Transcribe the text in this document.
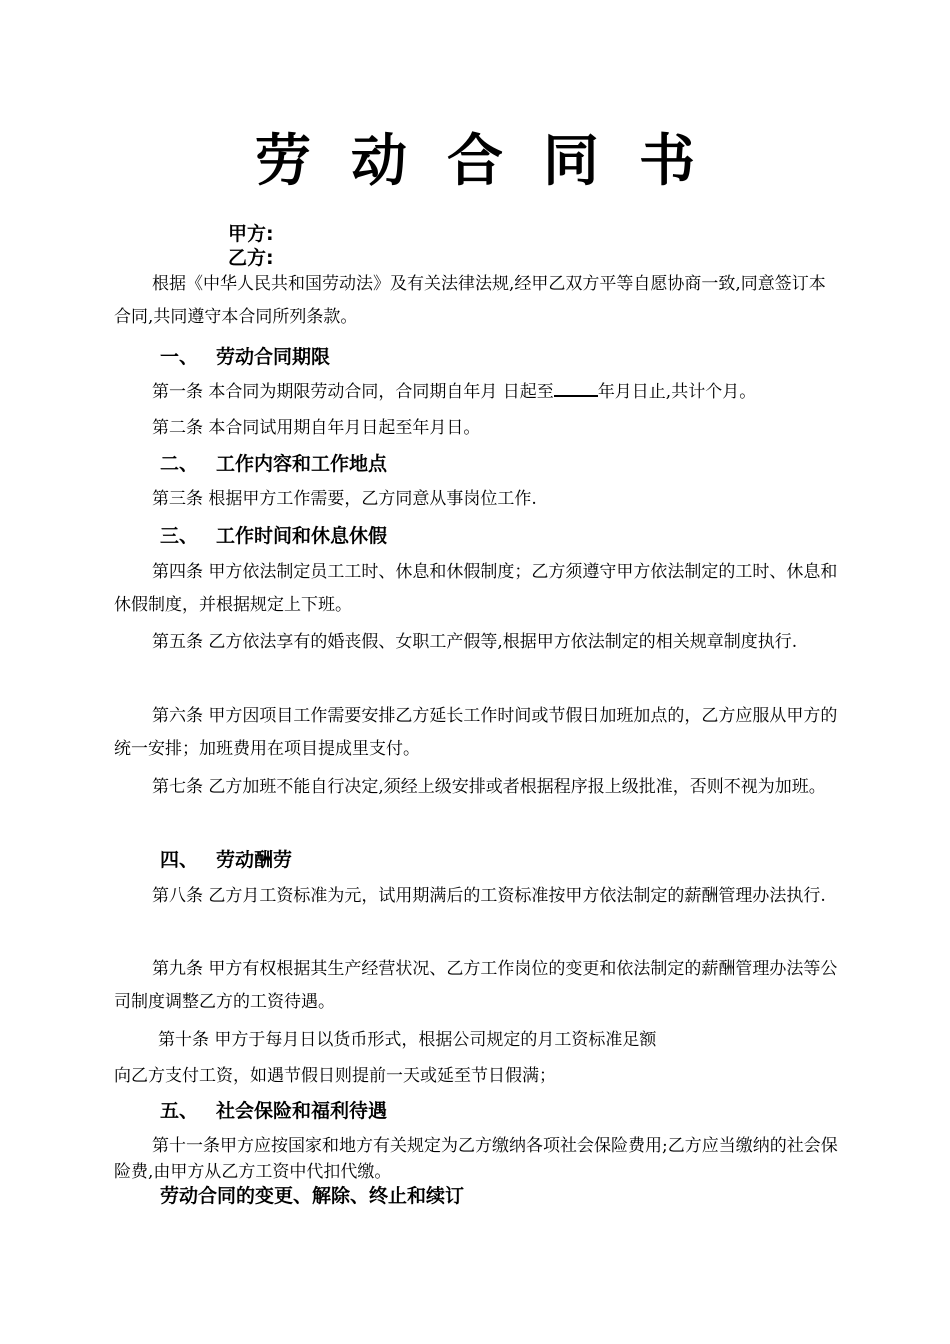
劳 动 合 同 书
甲方:
乙方:

根据《中华人民共和国劳动法》及有关法律法规,经甲乙双方平等自愿协商一致,同意签订本合同,共同遵守本合同所列条款。

一、 劳动合同期限
第一条 本合同为期限劳动合同，合同期自年月 日起至	年月日止,共计个月。

第二条 本合同试用期自年月日起至年月日。

二、 工作内容和工作地点

第三条 根据甲方工作需要，乙方同意从事岗位工作.

三、 工作时间和休息休假

第四条 甲方依法制定员工工时、休息和休假制度；乙方须遵守甲方依法制定的工时、休息和休假制度，并根据规定上下班。

第五条 乙方依法享有的婚丧假、女职工产假等,根据甲方依法制定的相关规章制度执行.

第六条 甲方因项目工作需要安排乙方延长工作时间或节假日加班加点的，乙方应服从甲方的统一安排；加班费用在项目提成里支付。

第七条 乙方加班不能自行决定,须经上级安排或者根据程序报上级批准，否则不视为加班。

四、 劳动酬劳

第八条 乙方月工资标准为元，试用期满后的工资标准按甲方依法制定的薪酬管理办法执行.

第九条 甲方有权根据其生产经营状况、乙方工作岗位的变更和依法制定的薪酬管理办法等公司制度调整乙方的工资待遇。

第十条 甲方于每月日以货币形式，根据公司规定的月工资标准足额
向乙方支付工资，如遇节假日则提前一天或延至节日假满；
五、 社会保险和福利待遇

第十一条甲方应按国家和地方有关规定为乙方缴纳各项社会保险费用;乙方应当缴纳的社会保险费,由甲方从乙方工资中代扣代缴。

劳动合同的变更、解除、终止和续订
